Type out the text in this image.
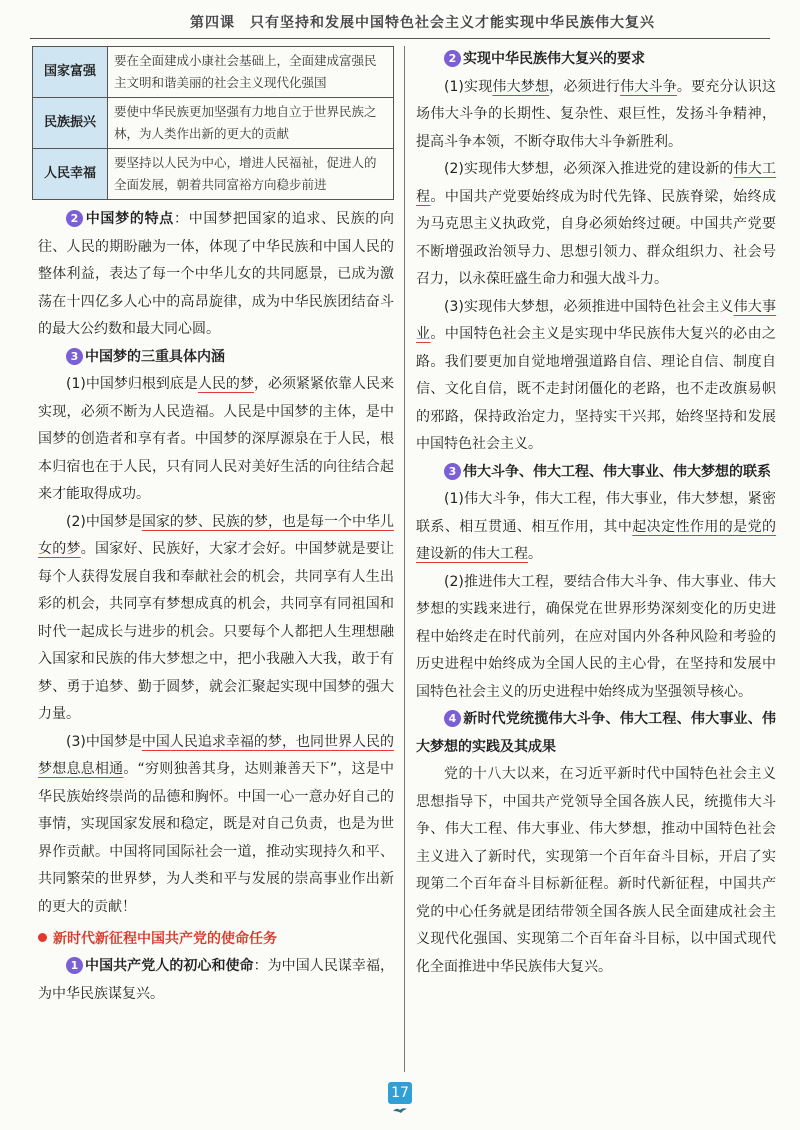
第四课　只有坚持和发展中国特色社会主义才能实现中华民族伟大复兴
国家富强	要在全面建成小康社会基础上，全面建成富强民主文明和谐美丽的社会主义现代化强国
民族振兴	要使中华民族更加坚强有力地自立于世界民族之林，为人类作出新的更大的贡献
人民幸福	要坚持以人民为中心，增进人民福祉，促进人的全面发展，朝着共同富裕方向稳步前进

2 中国梦的特点：中国梦把国家的追求、民族的向往、人民的期盼融为一体，体现了中华民族和中国人民的整体利益，表达了每一个中华儿女的共同愿景，已成为激荡在十四亿多人心中的高昂旋律，成为中华民族团结奋斗的最大公约数和最大同心圆。

3 中国梦的三重具体内涵

(1)中国梦归根到底是人民的梦，必须紧紧依靠人民来实现，必须不断为人民造福。人民是中国梦的主体，是中国梦的创造者和享有者。中国梦的深厚源泉在于人民，根本归宿也在于人民，只有同人民对美好生活的向往结合起来才能取得成功。

(2)中国梦是国家的梦、民族的梦，也是每一个中华儿女的梦。国家好、民族好，大家才会好。中国梦就是要让每个人获得发展自我和奉献社会的机会，共同享有人生出彩的机会，共同享有梦想成真的机会，共同享有同祖国和时代一起成长与进步的机会。只要每个人都把人生理想融入国家和民族的伟大梦想之中，把小我融入大我，敢于有梦、勇于追梦、勤于圆梦，就会汇聚起实现中国梦的强大力量。

(3)中国梦是中国人民追求幸福的梦，也同世界人民的梦想息息相通。“穷则独善其身，达则兼善天下”，这是中华民族始终崇尚的品德和胸怀。中国一心一意办好自己的事情，实现国家发展和稳定，既是对自己负责，也是为世界作贡献。中国将同国际社会一道，推动实现持久和平、共同繁荣的世界梦，为人类和平与发展的崇高事业作出新的更大的贡献！

新时代新征程中国共产党的使命任务

1 中国共产党人的初心和使命：为中国人民谋幸福，为中华民族谋复兴。

2 实现中华民族伟大复兴的要求

(1)实现伟大梦想，必须进行伟大斗争。要充分认识这场伟大斗争的长期性、复杂性、艰巨性，发扬斗争精神，提高斗争本领，不断夺取伟大斗争新胜利。

(2)实现伟大梦想，必须深入推进党的建设新的伟大工程。中国共产党要始终成为时代先锋、民族脊梁，始终成为马克思主义执政党，自身必须始终过硬。中国共产党要不断增强政治领导力、思想引领力、群众组织力、社会号召力，以永葆旺盛生命力和强大战斗力。

(3)实现伟大梦想，必须推进中国特色社会主义伟大事业。中国特色社会主义是实现中华民族伟大复兴的必由之路。我们要更加自觉地增强道路自信、理论自信、制度自信、文化自信，既不走封闭僵化的老路，也不走改旗易帜的邪路，保持政治定力，坚持实干兴邦，始终坚持和发展中国特色社会主义。

3 伟大斗争、伟大工程、伟大事业、伟大梦想的联系

(1)伟大斗争，伟大工程，伟大事业，伟大梦想，紧密联系、相互贯通、相互作用，其中起决定性作用的是党的建设新的伟大工程。

(2)推进伟大工程，要结合伟大斗争、伟大事业、伟大梦想的实践来进行，确保党在世界形势深刻变化的历史进程中始终走在时代前列，在应对国内外各种风险和考验的历史进程中始终成为全国人民的主心骨，在坚持和发展中国特色社会主义的历史进程中始终成为坚强领导核心。

4 新时代党统揽伟大斗争、伟大工程、伟大事业、伟大梦想的实践及其成果

党的十八大以来，在习近平新时代中国特色社会主义思想指导下，中国共产党领导全国各族人民，统揽伟大斗争、伟大工程、伟大事业、伟大梦想，推动中国特色社会主义进入了新时代，实现第一个百年奋斗目标，开启了实现第二个百年奋斗目标新征程。新时代新征程，中国共产党的中心任务就是团结带领全国各族人民全面建成社会主义现代化强国、实现第二个百年奋斗目标，以中国式现代化全面推进中华民族伟大复兴。

17
